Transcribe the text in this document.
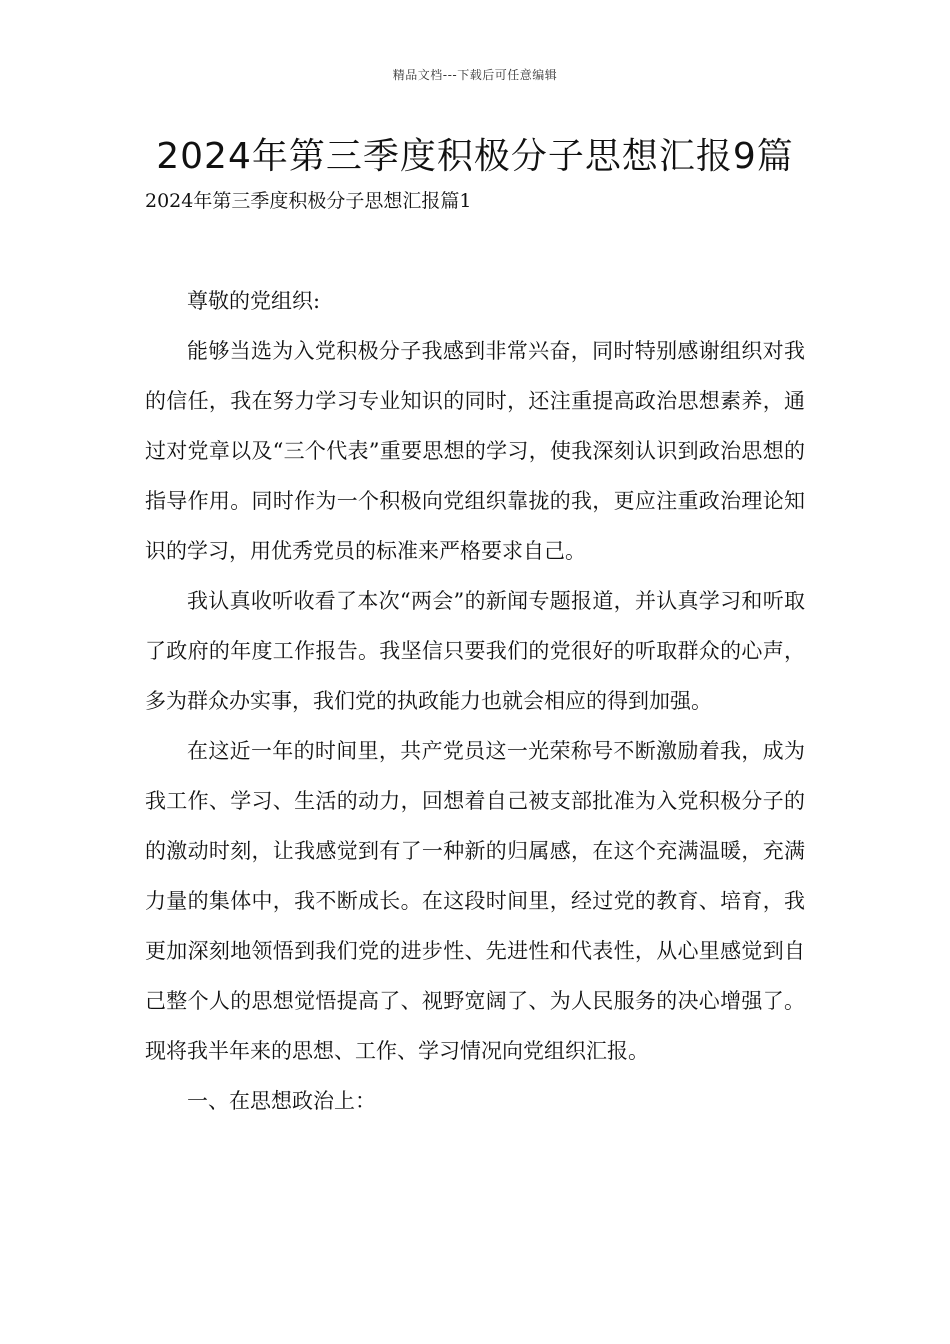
精品文档---下载后可任意编辑
2024年第三季度积极分子思想汇报9篇
2024年第三季度积极分子思想汇报篇1

尊敬的党组织:

能够当选为入党积极分子我感到非常兴奋，同时特别感谢组织对我的信任，我在努力学习专业知识的同时，还注重提高政治思想素养，通过对党章以及“三个代表”重要思想的学习，使我深刻认识到政治思想的指导作用。同时作为一个积极向党组织靠拢的我，更应注重政治理论知识的学习，用优秀党员的标准来严格要求自己。

我认真收听收看了本次“两会”的新闻专题报道，并认真学习和听取了政府的年度工作报告。我坚信只要我们的党很好的听取群众的心声，多为群众办实事，我们党的执政能力也就会相应的得到加强。

在这近一年的时间里，共产党员这一光荣称号不断激励着我，成为我工作、学习、生活的动力，回想着自己被支部批准为入党积极分子的的激动时刻，让我感觉到有了一种新的归属感，在这个充满温暖，充满力量的集体中，我不断成长。在这段时间里，经过党的教育、培育，我更加深刻地领悟到我们党的进步性、先进性和代表性，从心里感觉到自己整个人的思想觉悟提高了、视野宽阔了、为人民服务的决心增强了。现将我半年来的思想、工作、学习情况向党组织汇报。

一、在思想政治上：
